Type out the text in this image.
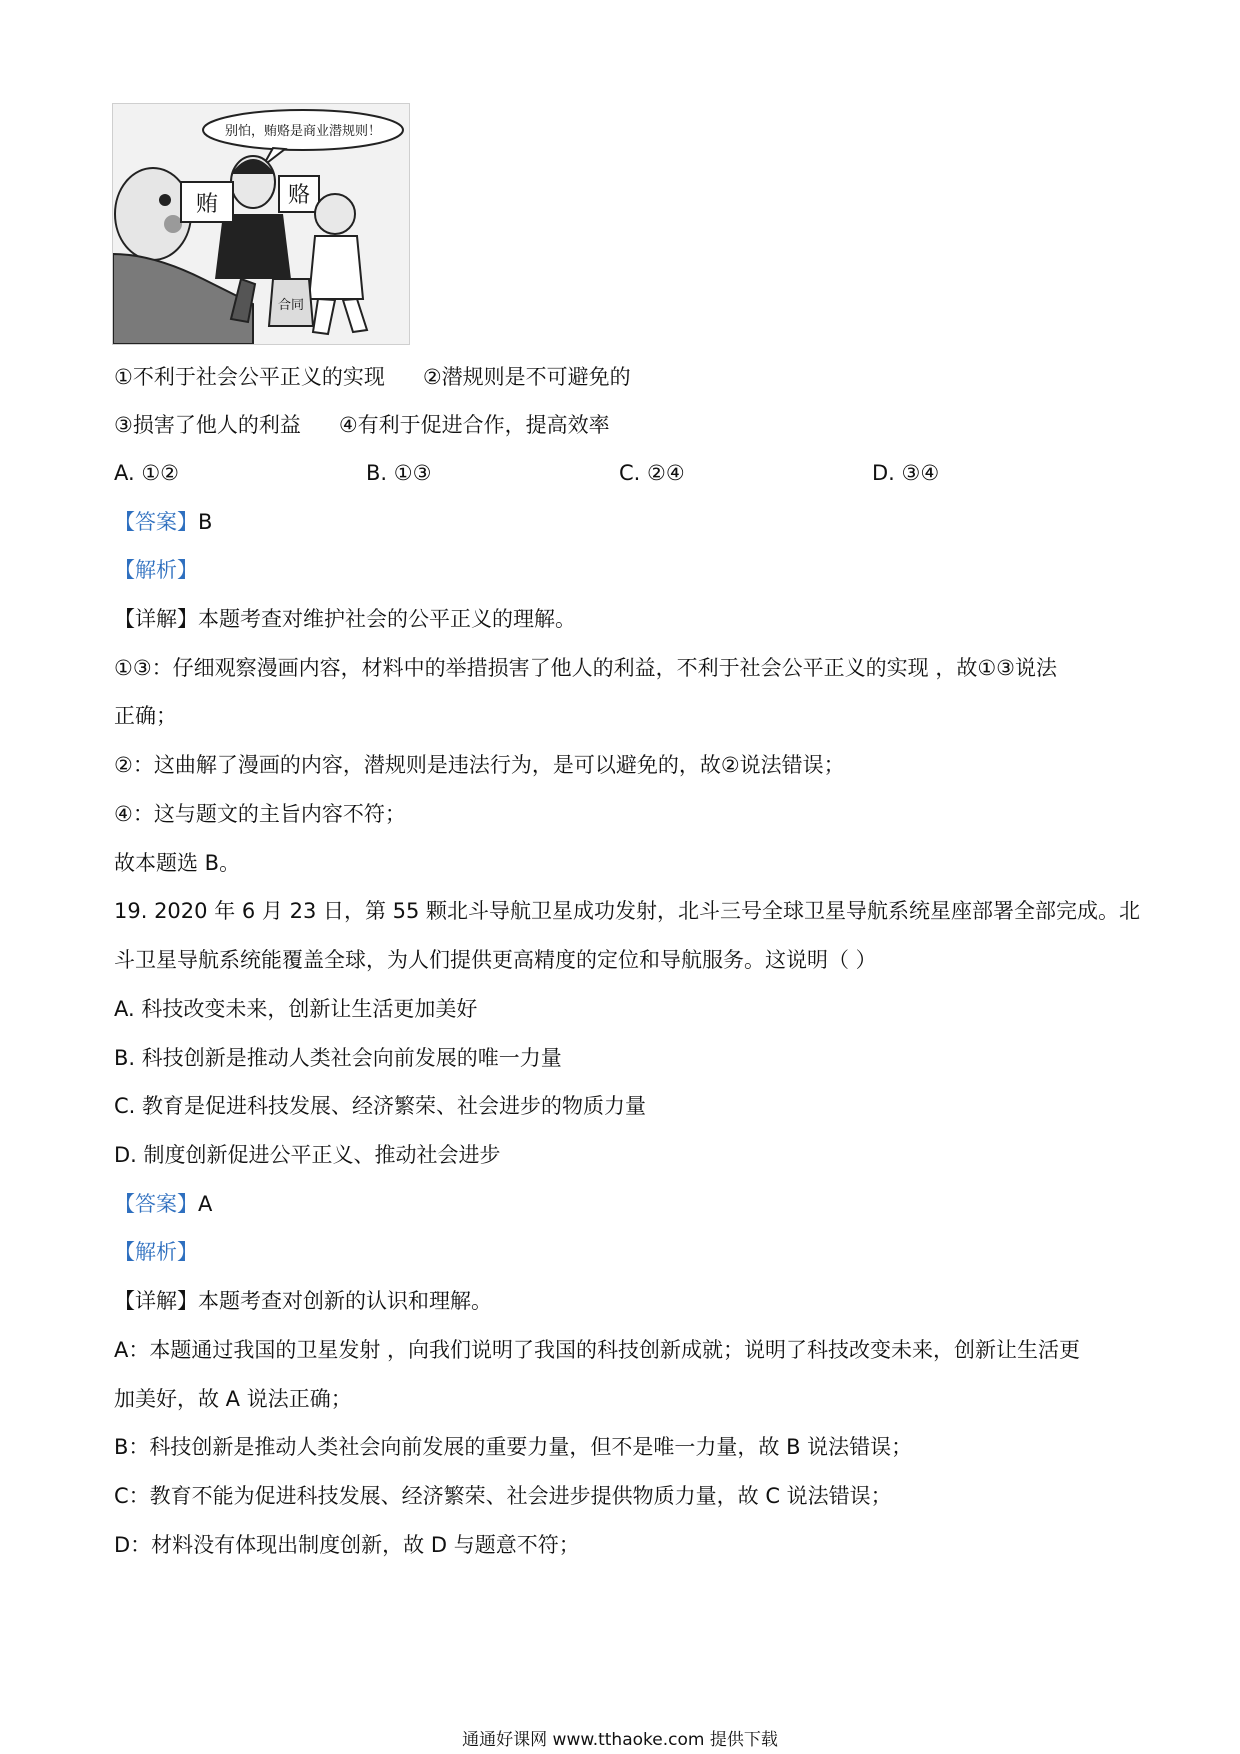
别怕，贿赂是商业潜规则！
贿	赂
合同
①不利于社会公平正义的实现 ②潜规则是不可避免的
③损害了他人的利益 ④有利于促进合作，提高效率
A. ①②	B. ①③	C. ②④	D. ③④
【答案】B
【解析】
【详解】本题考查对维护社会的公平正义的理解。
①③：仔细观察漫画内容，材料中的举措损害了他人的利益，不利于社会公平正义的实现 ，故①③说法
正确；
②：这曲解了漫画的内容，潜规则是违法行为，是可以避免的，故②说法错误；
④：这与题文的主旨内容不符；
故本题选 B。
19. 2020 年 6 月 23 日，第 55 颗北斗导航卫星成功发射，北斗三号全球卫星导航系统星座部署全部完成。北
斗卫星导航系统能覆盖全球，为人们提供更高精度的定位和导航服务。这说明（ ）
A. 科技改变未来，创新让生活更加美好
B. 科技创新是推动人类社会向前发展的唯一力量
C. 教育是促进科技发展、经济繁荣、社会进步的物质力量
D. 制度创新促进公平正义、推动社会进步
【答案】A
【解析】
【详解】本题考查对创新的认识和理解。
A：本题通过我国的卫星发射 ，向我们说明了我国的科技创新成就；说明了科技改变未来，创新让生活更
加美好，故 A 说法正确；
B：科技创新是推动人类社会向前发展的重要力量，但不是唯一力量，故 B 说法错误；
C：教育不能为促进科技发展、经济繁荣、社会进步提供物质力量，故 C 说法错误；
D：材料没有体现出制度创新，故 D 与题意不符；
通通好课网 www.tthaoke.com 提供下载
